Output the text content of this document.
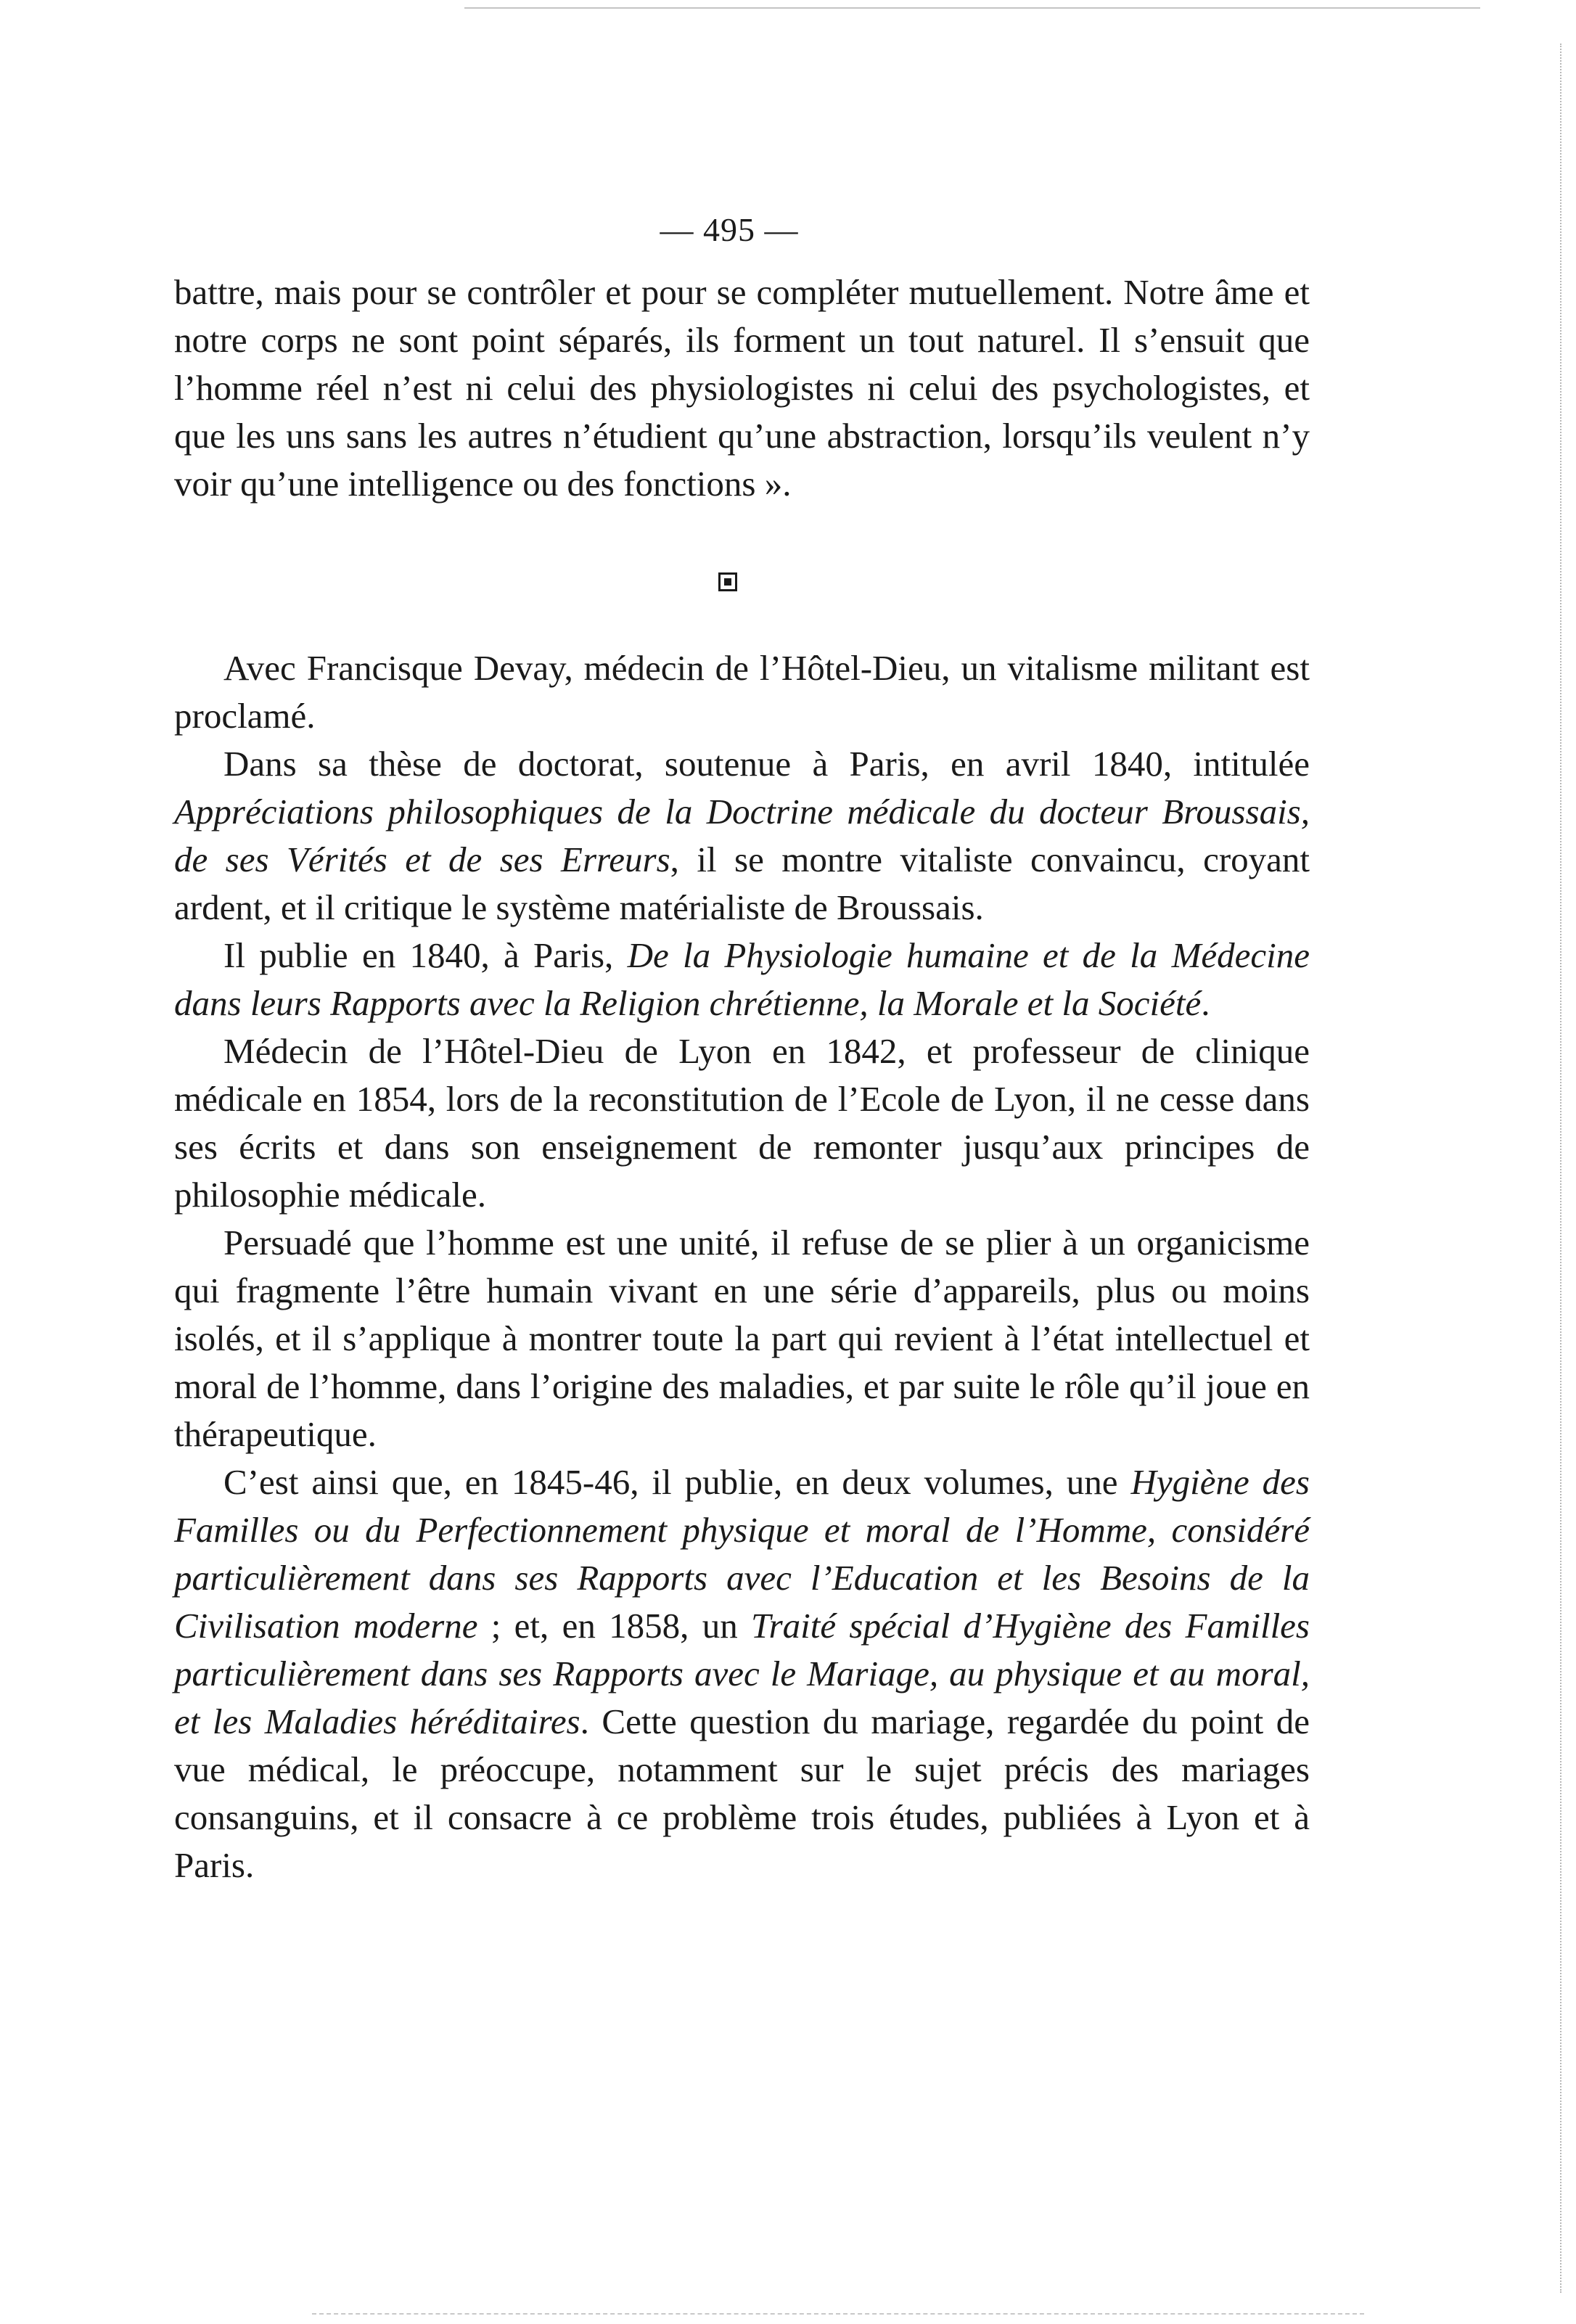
— 495 —

battre, mais pour se contrôler et pour se compléter mutuellement. Notre âme et notre corps ne sont point séparés, ils forment un tout naturel. Il s’ensuit que l’homme réel n’est ni celui des physiologistes ni celui des psychologistes, et que les uns sans les autres n’étudient qu’une abstraction, lorsqu’ils veulent n’y voir qu’une intelligence ou des fonctions ».

Avec Francisque Devay, médecin de l’Hôtel-Dieu, un vitalisme militant est proclamé.

Dans sa thèse de doctorat, soutenue à Paris, en avril 1840, intitulée Appréciations philosophiques de la Doctrine médicale du docteur Broussais, de ses Vérités et de ses Erreurs, il se montre vitaliste convaincu, croyant ardent, et il critique le système matérialiste de Broussais.

Il publie en 1840, à Paris, De la Physiologie humaine et de la Médecine dans leurs Rapports avec la Religion chrétienne, la Morale et la Société.

Médecin de l’Hôtel-Dieu de Lyon en 1842, et professeur de clinique médicale en 1854, lors de la reconstitution de l’Ecole de Lyon, il ne cesse dans ses écrits et dans son enseignement de remonter jusqu’aux principes de philosophie médicale.

Persuadé que l’homme est une unité, il refuse de se plier à un organicisme qui fragmente l’être humain vivant en une série d’appareils, plus ou moins isolés, et il s’applique à montrer toute la part qui revient à l’état intellectuel et moral de l’homme, dans l’origine des maladies, et par suite le rôle qu’il joue en thérapeutique.

C’est ainsi que, en 1845-46, il publie, en deux volumes, une Hygiène des Familles ou du Perfectionnement physique et moral de l’Homme, considéré particulièrement dans ses Rapports avec l’Education et les Besoins de la Civilisation moderne ; et, en 1858, un Traité spécial d’Hygiène des Familles particulièrement dans ses Rapports avec le Mariage, au physique et au moral, et les Maladies héréditaires. Cette question du mariage, regardée du point de vue médical, le préoccupe, notamment sur le sujet précis des mariages consanguins, et il consacre à ce problème trois études, publiées à Lyon et à Paris.
